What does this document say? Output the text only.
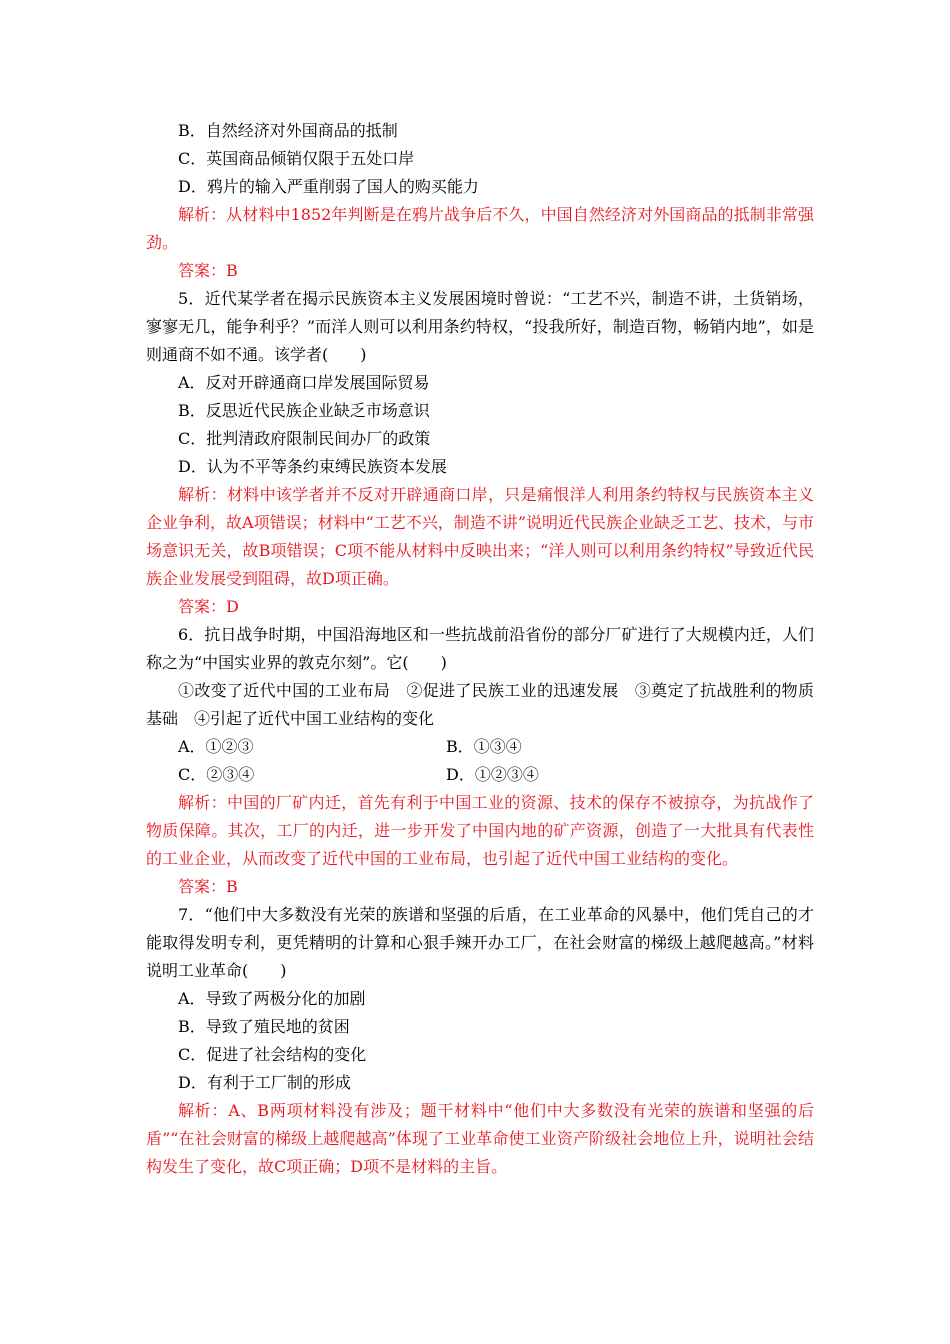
B．自然经济对外国商品的抵制

C．英国商品倾销仅限于五处口岸

D．鸦片的输入严重削弱了国人的购买能力

解析：从材料中1852年判断是在鸦片战争后不久，中国自然经济对外国商品的抵制非常强劲。

答案：B

5．近代某学者在揭示民族资本主义发展困境时曾说：“工艺不兴，制造不讲，土货销场，寥寥无几，能争利乎？”而洋人则可以利用条约特权，“投我所好，制造百物，畅销内地”，如是则通商不如不通。该学者(　　)

A．反对开辟通商口岸发展国际贸易

B．反思近代民族企业缺乏市场意识

C．批判清政府限制民间办厂的政策

D．认为不平等条约束缚民族资本发展

解析：材料中该学者并不反对开辟通商口岸，只是痛恨洋人利用条约特权与民族资本主义企业争利，故A项错误；材料中“工艺不兴，制造不讲”说明近代民族企业缺乏工艺、技术，与市场意识无关，故B项错误；C项不能从材料中反映出来；“洋人则可以利用条约特权”导致近代民族企业发展受到阻碍，故D项正确。

答案：D

6．抗日战争时期，中国沿海地区和一些抗战前沿省份的部分厂矿进行了大规模内迁，人们称之为“中国实业界的敦克尔刻”。它(　　)

①改变了近代中国的工业布局　②促进了民族工业的迅速发展　③奠定了抗战胜利的物质基础　④引起了近代中国工业结构的变化

A．①②③	B．①③④
C．②③④	D．①②③④

解析：中国的厂矿内迁，首先有利于中国工业的资源、技术的保存不被掠夺，为抗战作了物质保障。其次，工厂的内迁，进一步开发了中国内地的矿产资源，创造了一大批具有代表性的工业企业，从而改变了近代中国的工业布局，也引起了近代中国工业结构的变化。

答案：B

7．“他们中大多数没有光荣的族谱和坚强的后盾，在工业革命的风暴中，他们凭自己的才能取得发明专利，更凭精明的计算和心狠手辣开办工厂，在社会财富的梯级上越爬越高。”材料说明工业革命(　　)

A．导致了两极分化的加剧

B．导致了殖民地的贫困

C．促进了社会结构的变化

D．有利于工厂制的形成

解析：A、B两项材料没有涉及；题干材料中“他们中大多数没有光荣的族谱和坚强的后盾”“在社会财富的梯级上越爬越高”体现了工业革命使工业资产阶级社会地位上升，说明社会结构发生了变化，故C项正确；D项不是材料的主旨。
